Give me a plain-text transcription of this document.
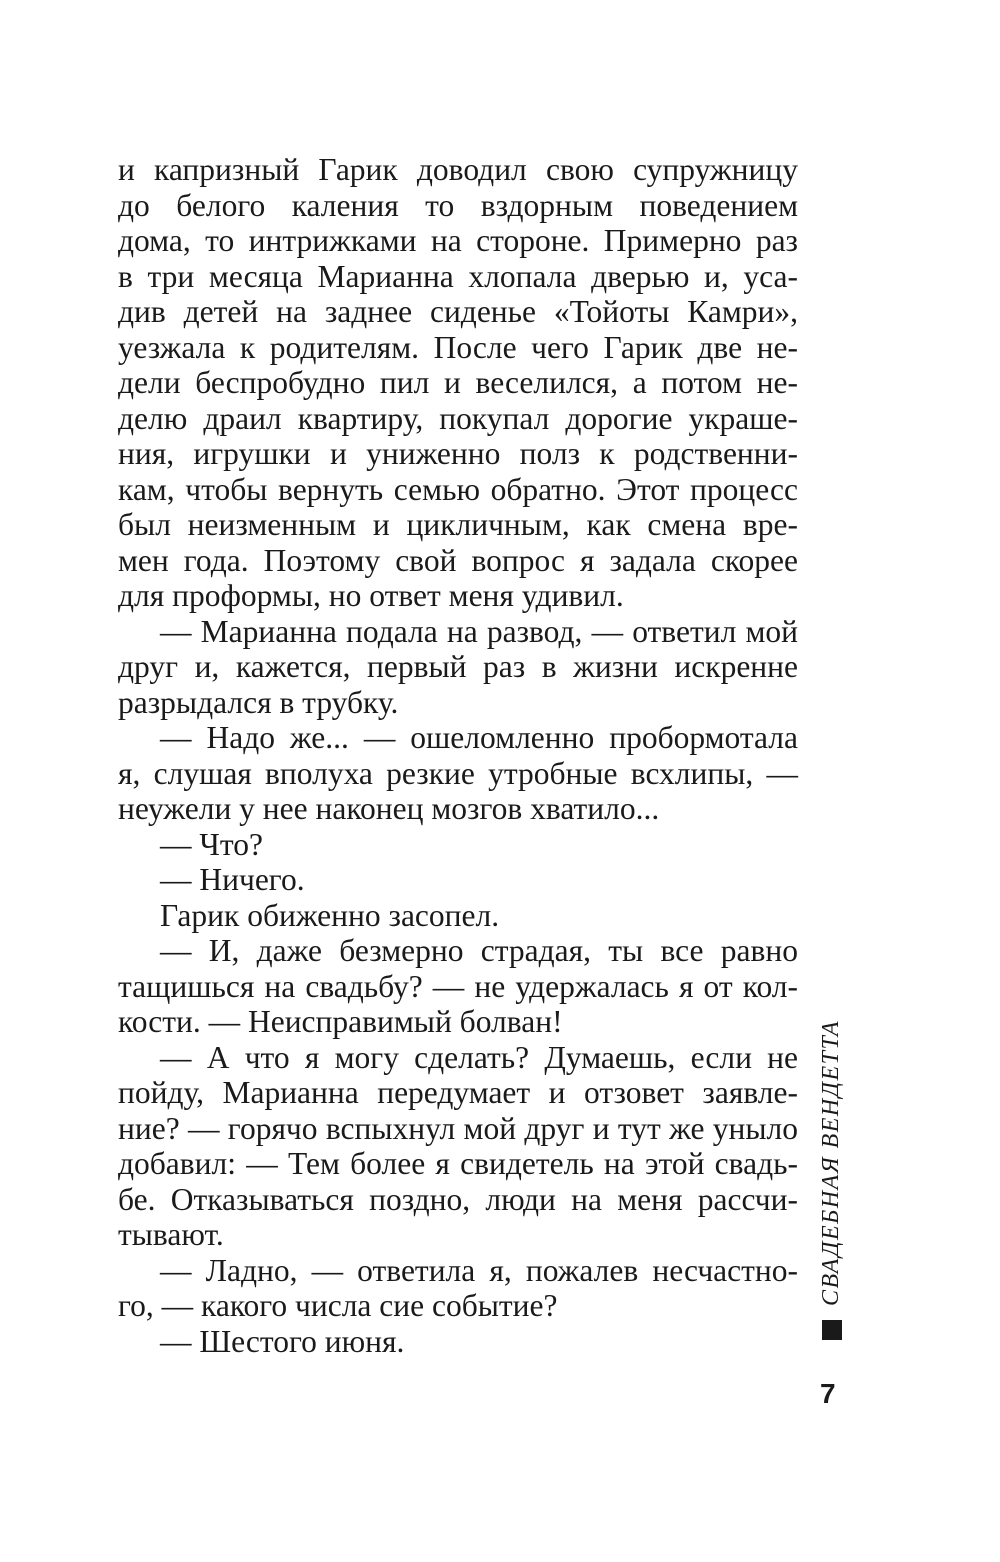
и капризный Гарик доводил свою супружницу
до белого каления то вздорным поведением
дома, то интрижками на стороне. Примерно раз
в три месяца Марианна хлопала дверью и, уса-
див детей на заднее сиденье «Тойоты Камри»,
уезжала к родителям. После чего Гарик две не-
дели беспробудно пил и веселился, а потом не-
делю драил квартиру, покупал дорогие украше-
ния, игрушки и униженно полз к родственни-
кам, чтобы вернуть семью обратно. Этот процесс
был неизменным и цикличным, как смена вре-
мен года. Поэтому свой вопрос я задала скорее
для проформы, но ответ меня удивил.
— Марианна подала на развод, — ответил мой
друг и, кажется, первый раз в жизни искренне
разрыдался в трубку.
— Надо же... — ошеломленно пробормотала
я, слушая вполуха резкие утробные всхлипы, —
неужели у нее наконец мозгов хватило...
— Что?
— Ничего.
Гарик обиженно засопел.
— И, даже безмерно страдая, ты все равно
тащишься на свадьбу? — не удержалась я от кол-
кости. — Неисправимый болван!
— А что я могу сделать? Думаешь, если не
пойду, Марианна передумает и отзовет заявле-
ние? — горячо вспыхнул мой друг и тут же уныло
добавил: — Тем более я свидетель на этой свадь-
бе. Отказываться поздно, люди на меня рассчи-
тывают.
— Ладно, — ответила я, пожалев несчастно-
го, — какого числа сие событие?
— Шестого июня.
СВАДЕБНАЯ ВЕНДЕТТА
7
